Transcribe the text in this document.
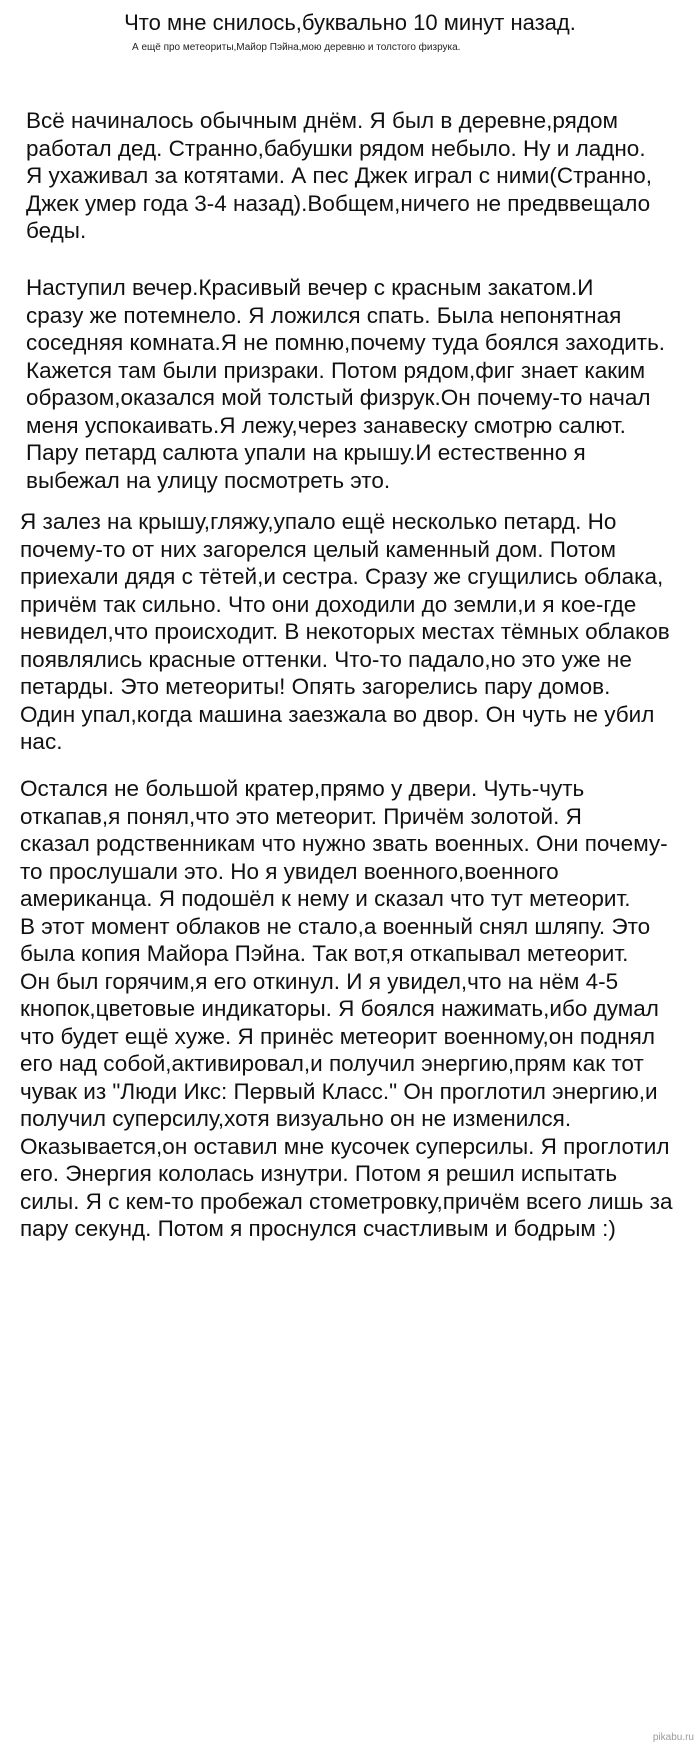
Что мне снилось,буквально 10 минут назад.
А ещё про метеориты,Майор Пэйна,мою деревню и толстого физрука.

Всё начиналось обычным днём. Я был в деревне,рядом
работал дед. Странно,бабушки рядом небыло. Ну и ладно.
Я ухаживал за котятами. А пес Джек играл с ними(Странно,
Джек умер года 3-4 назад).Вобщем,ничего не предввещало
беды.

Наступил вечер.Красивый вечер с красным закатом.И
сразу же потемнело. Я ложился спать. Была непонятная
соседняя комната.Я не помню,почему туда боялся заходить.
Кажется там были призраки. Потом рядом,фиг знает каким
образом,оказался мой толстый физрук.Он почему-то начал
меня успокаивать.Я лежу,через занавеску смотрю салют.
Пару петард салюта упали на крышу.И естественно я
выбежал на улицу посмотреть это.

Я залез на крышу,гляжу,упало ещё несколько петард. Но
почему-то от них загорелся целый каменный дом. Потом
приехали дядя с тётей,и сестра. Сразу же сгущились облака,
причём так сильно. Что они доходили до земли,и я кое-где
невидел,что происходит. В некоторых местах тёмных облаков
появлялись красные оттенки. Что-то падало,но это уже не
петарды. Это метеориты! Опять загорелись пару домов.
Один упал,когда машина заезжала во двор. Он чуть не убил
нас.

Остался не большой кратер,прямо у двери. Чуть-чуть
откапав,я понял,что это метеорит. Причём золотой. Я
сказал родственникам что нужно звать военных. Они почему-
то прослушали это. Но я увидел военного,военного
американца. Я подошёл к нему и сказал что тут метеорит.
В этот момент облаков не стало,а военный снял шляпу. Это
была копия Майора Пэйна. Так вот,я откапывал метеорит.
Он был горячим,я его откинул. И я увидел,что на нём 4-5
кнопок,цветовые индикаторы. Я боялся нажимать,ибо думал
что будет ещё хуже. Я принёс метеорит военному,он поднял
его над собой,активировал,и получил энергию,прям как тот
чувак из "Люди Икс: Первый Класс." Он проглотил энергию,и
получил суперсилу,хотя визуально он не изменился.
Оказывается,он оставил мне кусочек суперсилы. Я проглотил
его. Энергия кололась изнутри. Потом я решил испытать
силы. Я с кем-то пробежал стометровку,причём всего лишь за
пару секунд. Потом я проснулся счастливым и бодрым :)

pikabu.ru
